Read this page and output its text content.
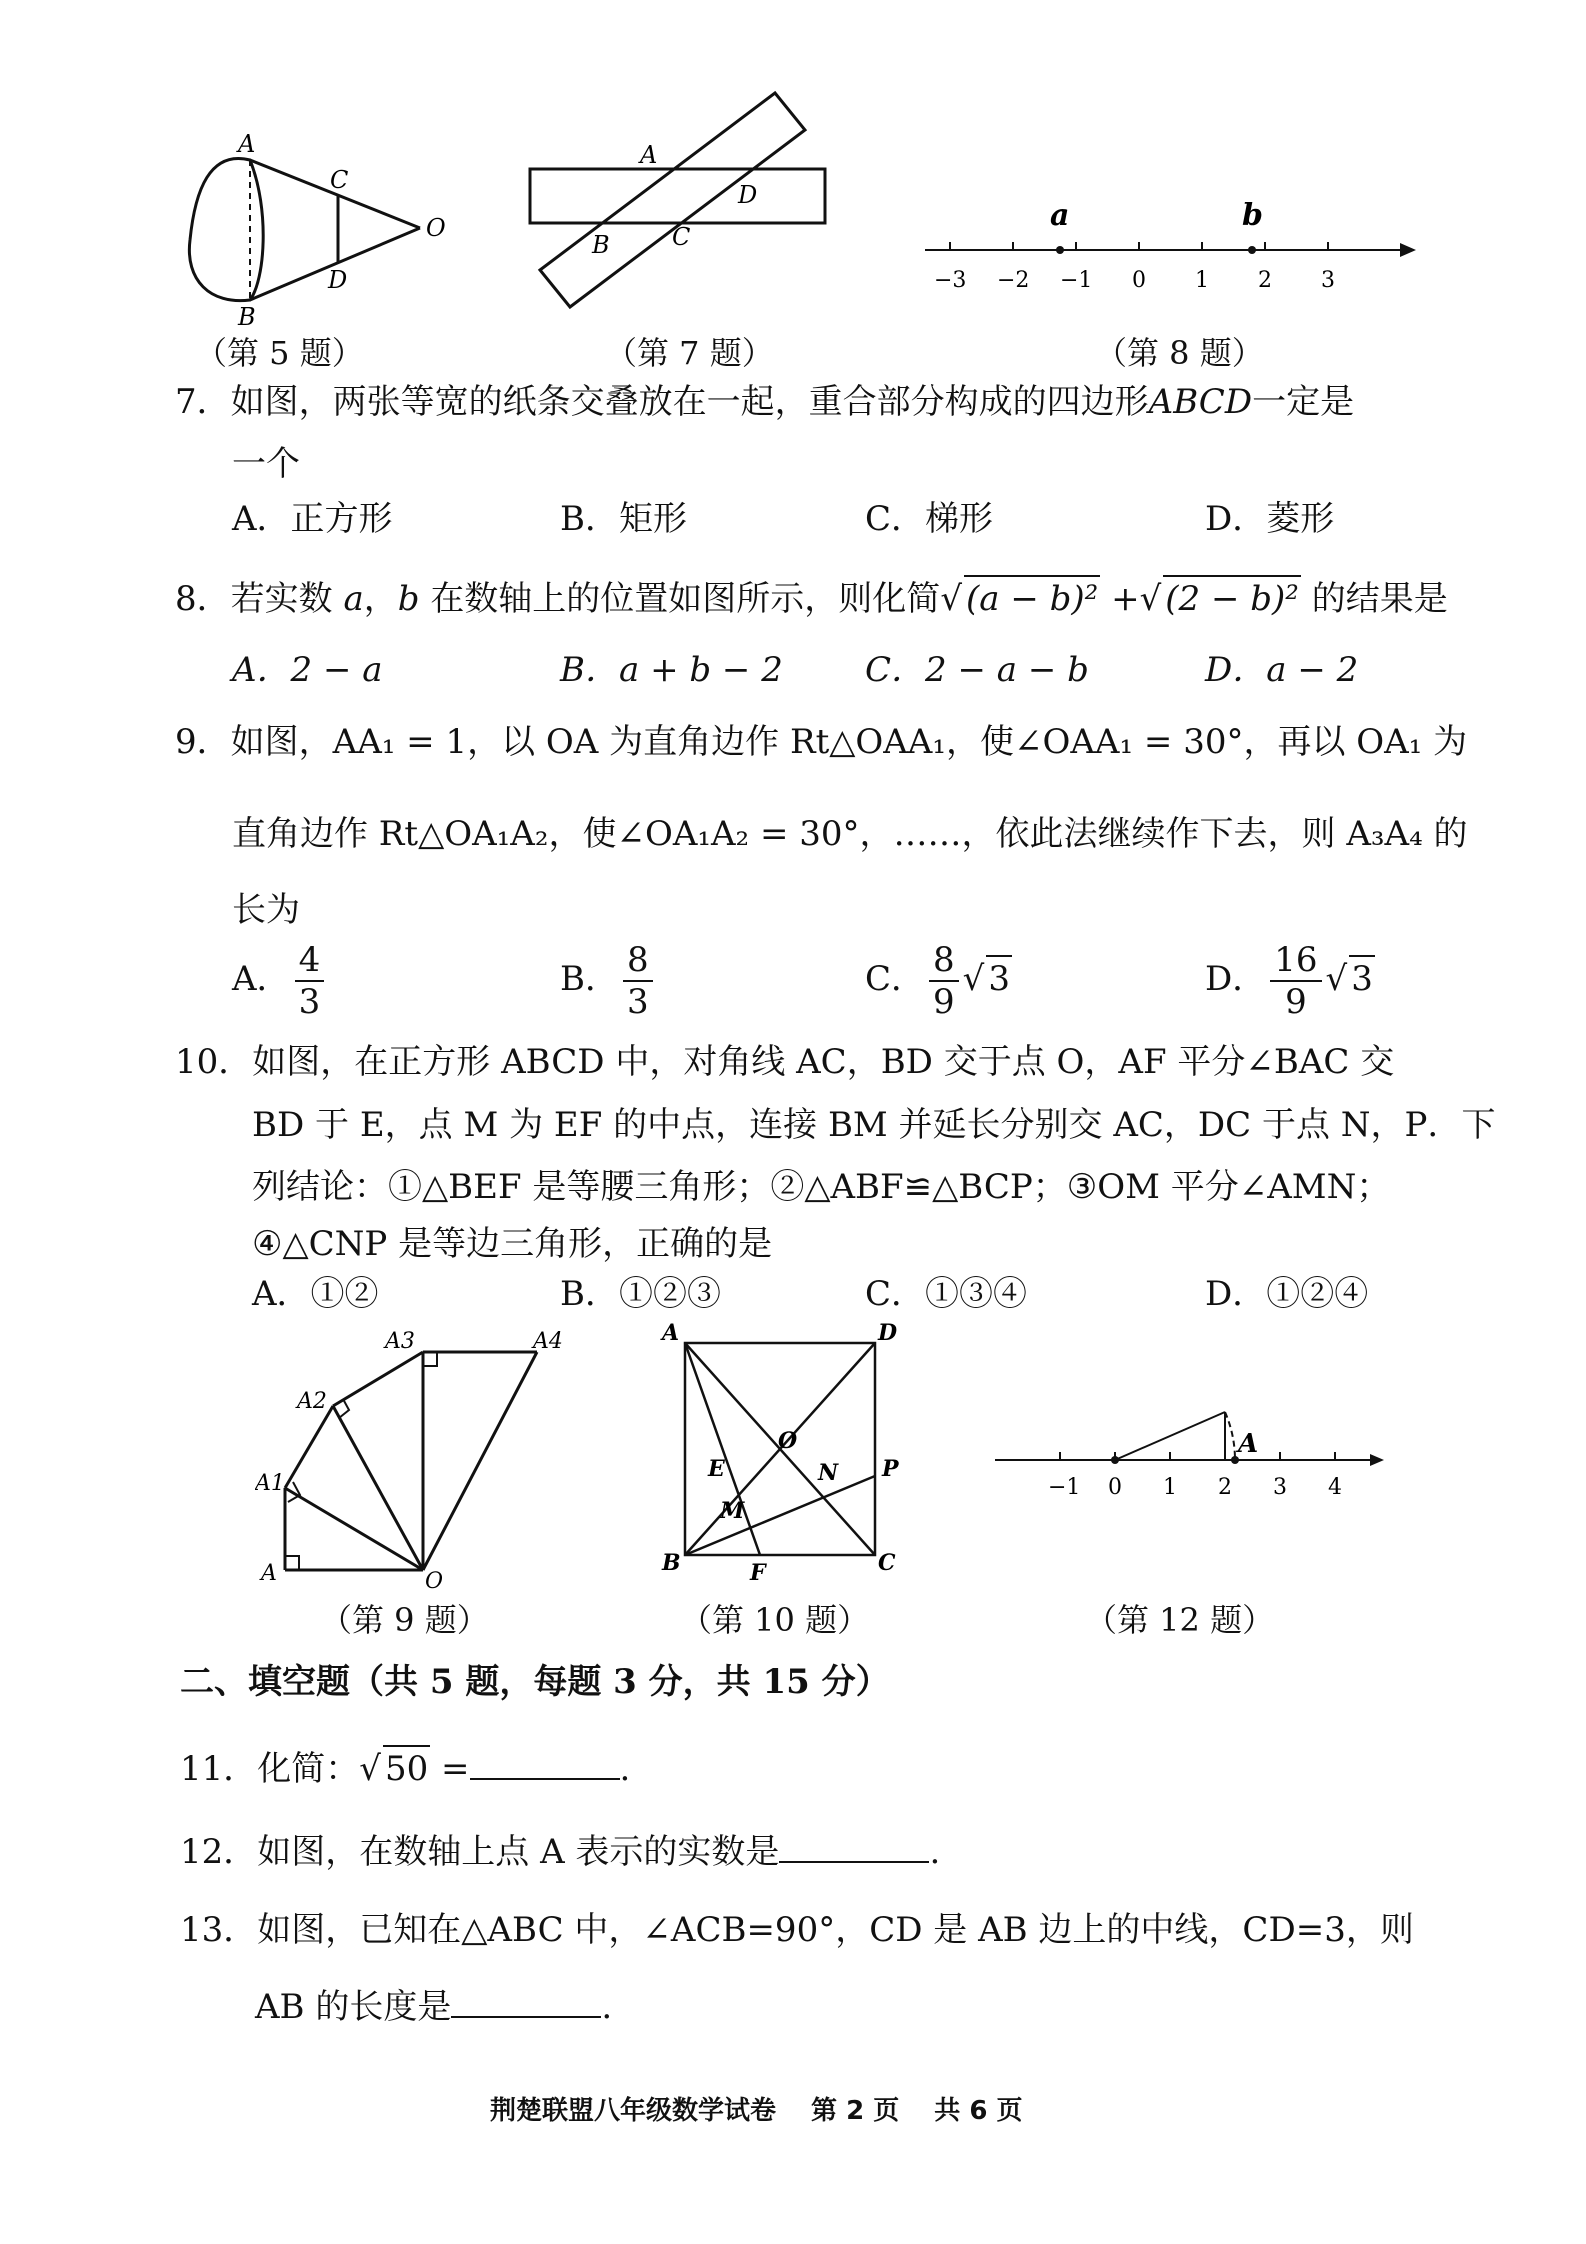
A
B
C
D
O
（第 5 题）
A
B	C
D
（第 7 题）
a	b
−3 −2 −1 0 1 2 3
（第 8 题）
7．如图，两张等宽的纸条交叠放在一起，重合部分构成的四边形ABCD一定是
一个
A．正方形	B．矩形	C．梯形	D．菱形
8．若实数 a，b 在数轴上的位置如图所示，则化简√ (a − b)² +√ (2 − b)² 的结果是
A．2 − a	B．a + b − 2 C．2 − a − b	D．a − 2
9．如图，AA₁ = 1，以 OA 为直角边作 Rt△OAA₁，使∠OAA₁ = 30°，再以 OA₁ 为
直角边作 Rt△OA₁A₂，使∠OA₁A₂ = 30°，……，依此法继续作下去，则 A₃A₄ 的
长为
A． $\frac{4}{3}$	B． $\frac{8}{3}$	C． $\frac{8}{9}$ √ 3	D． $\frac{16}{9}$ √ 3
10．如图，在正方形 ABCD 中，对角线 AC，BD 交于点 O，AF 平分∠BAC 交
BD 于 E，点 M 为 EF 的中点，连接 BM 并延长分别交 AC，DC 于点 N，P．下
列结论：①△BEF 是等腰三角形；②△ABF≌△BCP；③OM 平分∠AMN；
④△CNP 是等边三角形，正确的是
A．①②	B．①②③	C．①③④	D．①②④
A
A1
A2
A3	A4
O
（第 9 题）
A	D
B	C
O
E
M
N P
F
（第 10 题）
A
−1 0 1 2 3 4
（第 12 题）
二、填空题（共 5 题，每题 3 分，共 15 分）
11．化简：√ 50 =	.
12．如图，在数轴上点 A 表示的实数是	.
13．如图，已知在△ABC 中，∠ACB=90°，CD 是 AB 边上的中线，CD=3，则
AB 的长度是	.
荆楚联盟八年级数学试卷　 第 2 页　 共 6 页
